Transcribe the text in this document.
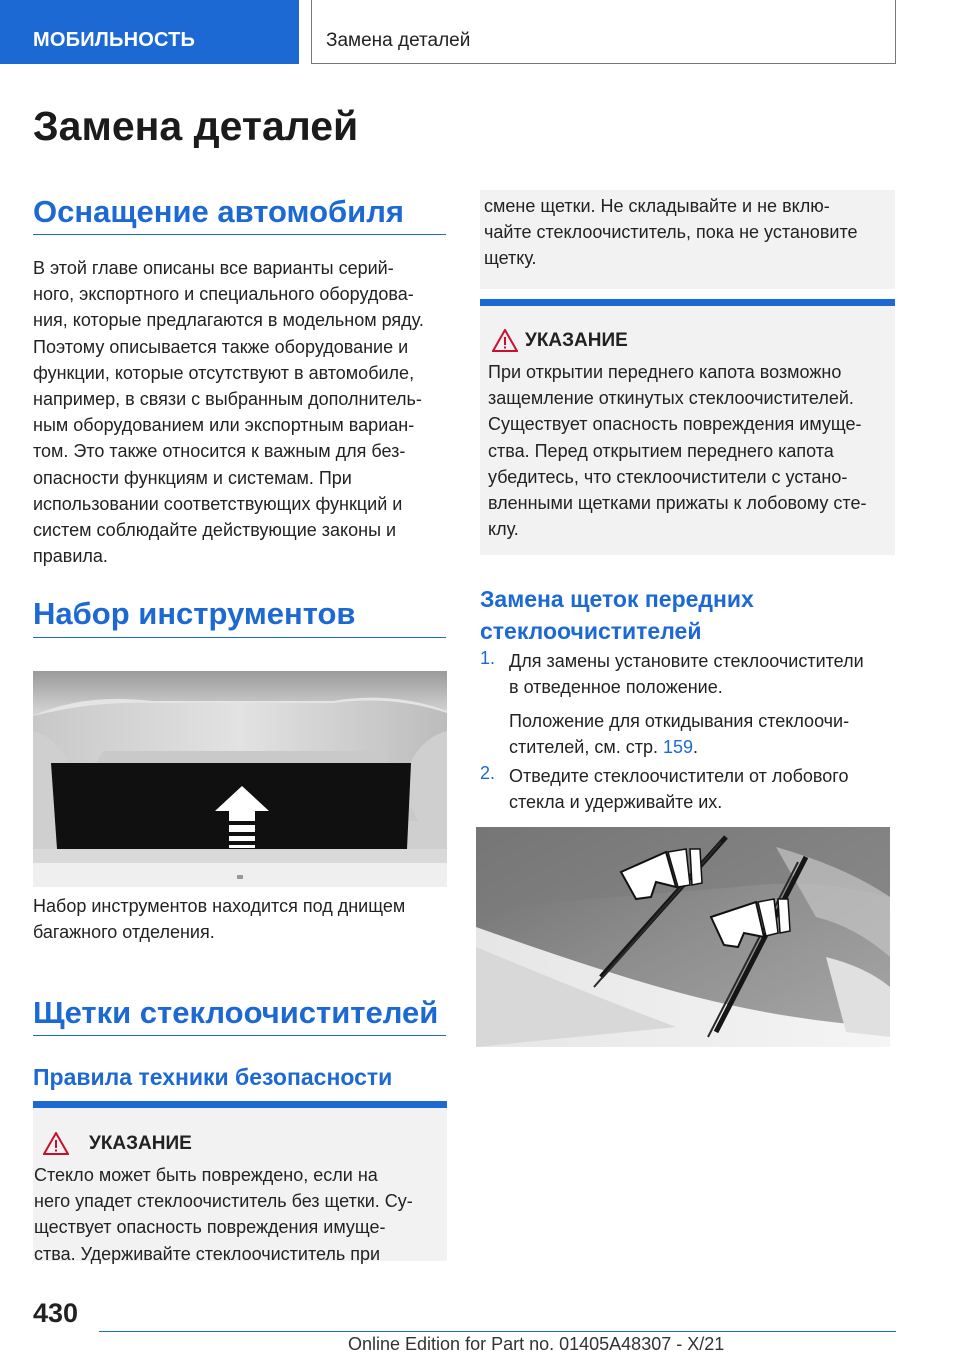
МОБИЛЬНОСТЬ	Замена деталей
Замена деталей
Оснащение автомобиля
В этой главе описаны все варианты серий-
ного, экспортного и специального оборудова-
ния, которые предлагаются в модельном ряду.
Поэтому описывается также оборудование и
функции, которые отсутствуют в автомобиле,
например, в связи с выбранным дополнитель-
ным оборудованием или экспортным вариан-
том. Это также относится к важным для без-
опасности функциям и системам. При
использовании соответствующих функций и
систем соблюдайте действующие законы и
правила.
Набор инструментов
Набор инструментов находится под днищем
багажного отделения.
Щетки стеклоочистителей
Правила техники безопасности
УКАЗАНИЕ
Стекло может быть повреждено, если на
него упадет стеклоочиститель без щетки. Су-
ществует опасность повреждения имуще-
ства. Удерживайте стеклоочиститель при
смене щетки. Не складывайте и не вклю-
чайте стеклоочиститель, пока не установите
щетку.
УКАЗАНИЕ
При открытии переднего капота возможно
защемление откинутых стеклоочистителей.
Существует опасность повреждения имуще-
ства. Перед открытием переднего капота
убедитесь, что стеклоочистители с устано-
вленными щетками прижаты к лобовому сте-
клу.
Замена щеток передних
стеклоочистителей
1. Для замены установите стеклоочистители
в отведенное положение.
Положение для откидывания стеклоочи-
стителей, см. стр. 159.
2. Отведите стеклоочистители от лобового
стекла и удерживайте их.
430
Online Edition for Part no. 01405A48307 - X/21
